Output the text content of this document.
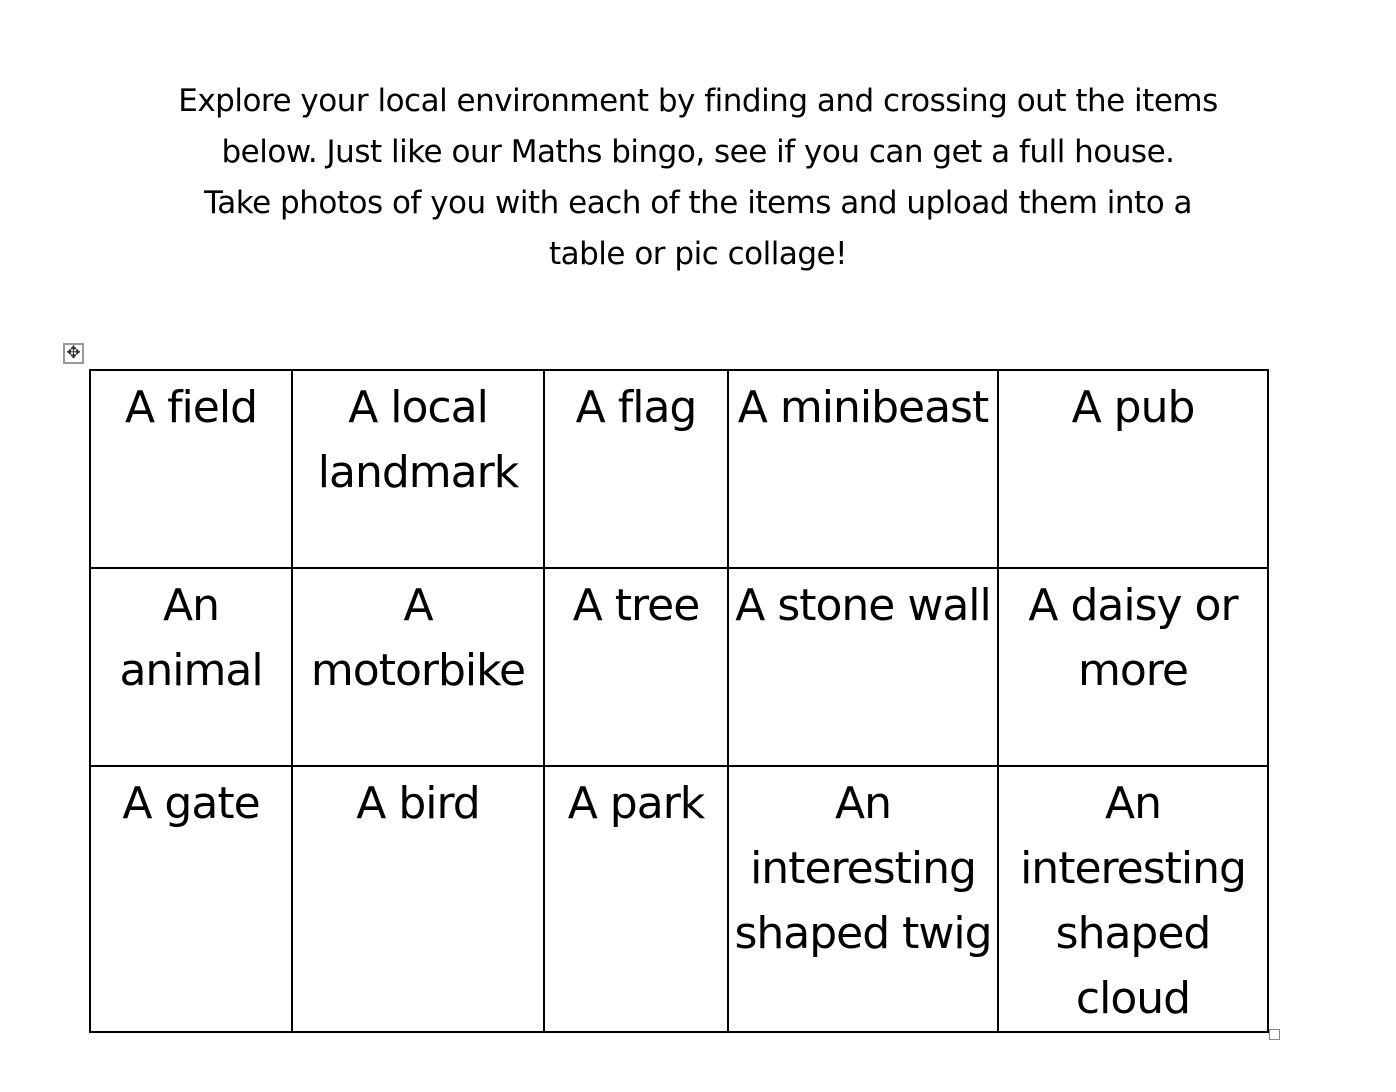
Explore your local environment by finding and crossing out the items
below. Just like our Maths bingo, see if you can get a full house.
Take photos of you with each of the items and upload them into a
table or pic collage!
✥
A field	A local landmark	A flag	A minibeast	A pub
An animal	A motorbike	A tree	A stone wall	A daisy or more
A gate	A bird	A park	An interesting shaped twig	An interesting shaped cloud
